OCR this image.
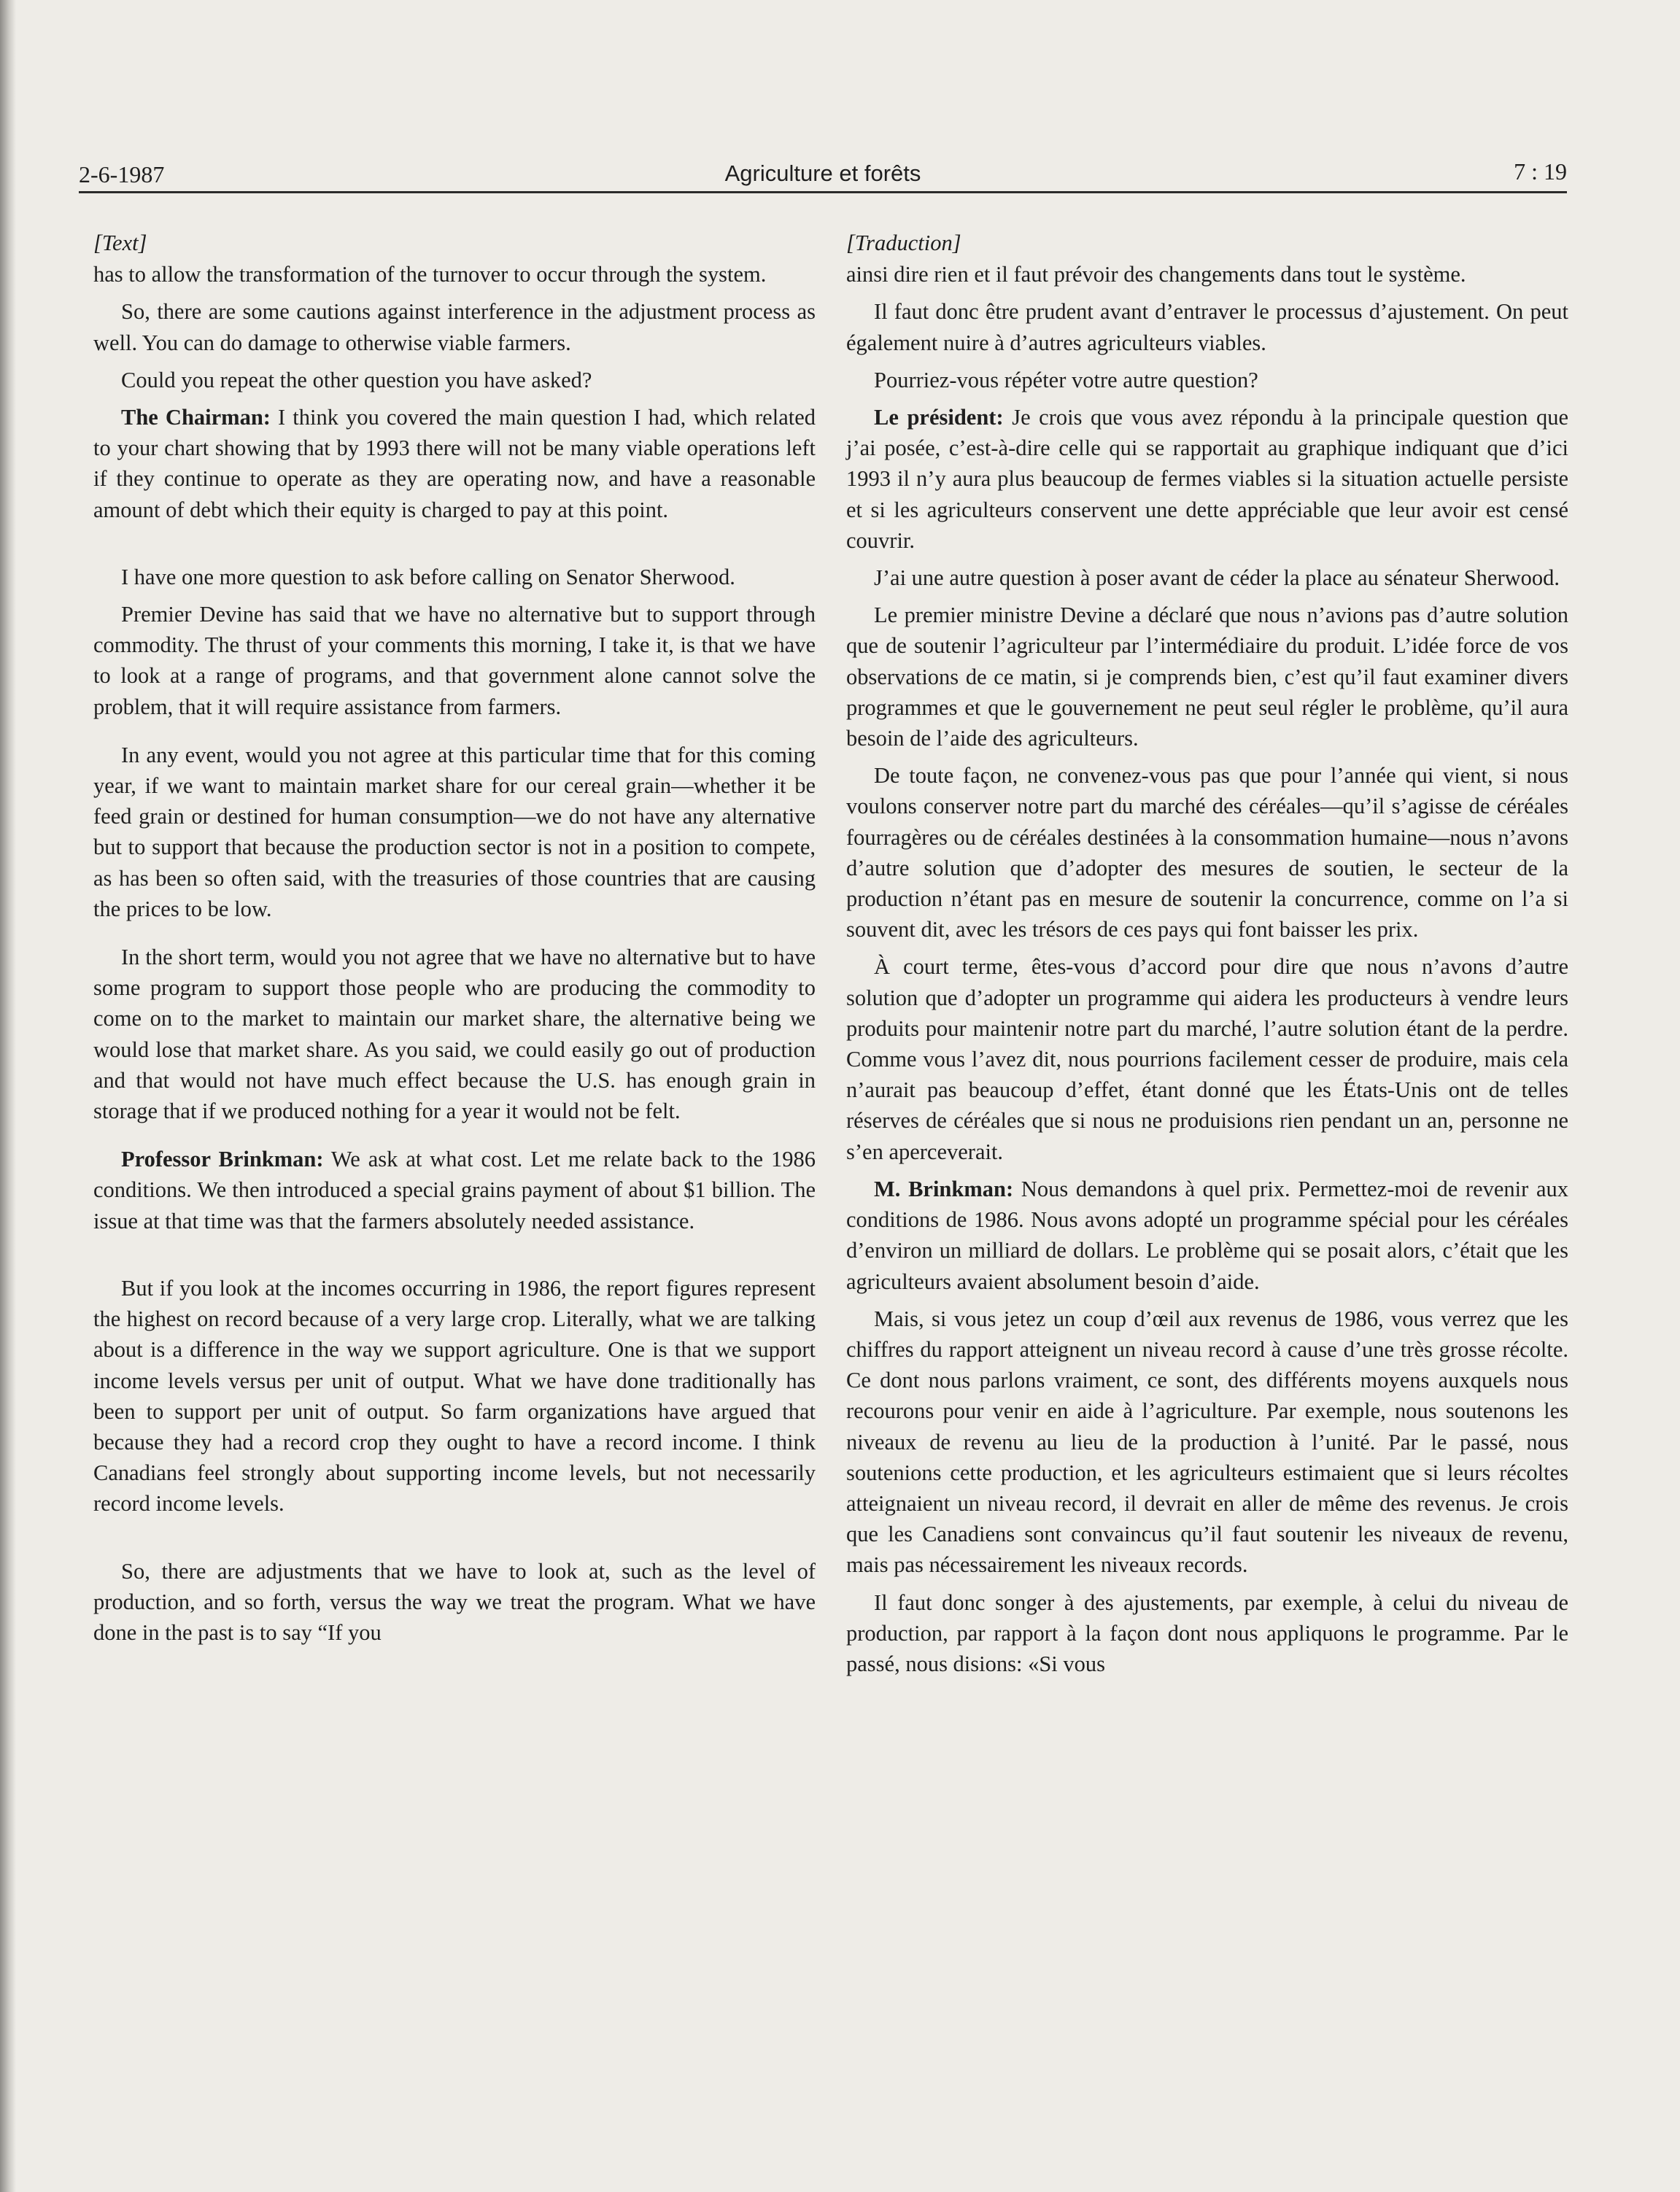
2-6-1987	Agriculture et forêts	7 : 19
[Text]

has to allow the transformation of the turnover to occur through the system.

So, there are some cautions against interference in the adjustment process as well. You can do damage to otherwise viable farmers.

Could you repeat the other question you have asked?

The Chairman: I think you covered the main question I had, which related to your chart showing that by 1993 there will not be many viable operations left if they continue to operate as they are operating now, and have a reasonable amount of debt which their equity is charged to pay at this point.

I have one more question to ask before calling on Senator Sherwood.

Premier Devine has said that we have no alternative but to support through commodity. The thrust of your comments this morning, I take it, is that we have to look at a range of programs, and that government alone cannot solve the problem, that it will require assistance from farmers.

In any event, would you not agree at this particular time that for this coming year, if we want to maintain market share for our cereal grain—whether it be feed grain or destined for human consumption—we do not have any alternative but to support that because the production sector is not in a position to compete, as has been so often said, with the treasuries of those countries that are causing the prices to be low.

In the short term, would you not agree that we have no alternative but to have some program to support those people who are producing the commodity to come on to the market to maintain our market share, the alternative being we would lose that market share. As you said, we could easily go out of production and that would not have much effect because the U.S. has enough grain in storage that if we produced nothing for a year it would not be felt.

Professor Brinkman: We ask at what cost. Let me relate back to the 1986 conditions. We then introduced a special grains payment of about $1 billion. The issue at that time was that the farmers absolutely needed assistance.

But if you look at the incomes occurring in 1986, the report figures represent the highest on record because of a very large crop. Literally, what we are talking about is a difference in the way we support agriculture. One is that we support income levels versus per unit of output. What we have done traditionally has been to support per unit of output. So farm organizations have argued that because they had a record crop they ought to have a record income. I think Canadians feel strongly about supporting income levels, but not necessarily record income levels.

So, there are adjustments that we have to look at, such as the level of production, and so forth, versus the way we treat the program. What we have done in the past is to say “If you

[Traduction]

ainsi dire rien et il faut prévoir des changements dans tout le système.

Il faut donc être prudent avant d’entraver le processus d’ajustement. On peut également nuire à d’autres agriculteurs viables.

Pourriez-vous répéter votre autre question?

Le président: Je crois que vous avez répondu à la principale question que j’ai posée, c’est-à-dire celle qui se rapportait au graphique indiquant que d’ici 1993 il n’y aura plus beaucoup de fermes viables si la situation actuelle persiste et si les agriculteurs conservent une dette appréciable que leur avoir est censé couvrir.

J’ai une autre question à poser avant de céder la place au sénateur Sherwood.

Le premier ministre Devine a déclaré que nous n’avions pas d’autre solution que de soutenir l’agriculteur par l’intermédiaire du produit. L’idée force de vos observations de ce matin, si je comprends bien, c’est qu’il faut examiner divers programmes et que le gouvernement ne peut seul régler le problème, qu’il aura besoin de l’aide des agriculteurs.

De toute façon, ne convenez-vous pas que pour l’année qui vient, si nous voulons conserver notre part du marché des céréales—qu’il s’agisse de céréales fourragères ou de céréales destinées à la consommation humaine—nous n’avons d’autre solution que d’adopter des mesures de soutien, le secteur de la production n’étant pas en mesure de soutenir la concurrence, comme on l’a si souvent dit, avec les trésors de ces pays qui font baisser les prix.

À court terme, êtes-vous d’accord pour dire que nous n’avons d’autre solution que d’adopter un programme qui aidera les producteurs à vendre leurs produits pour maintenir notre part du marché, l’autre solution étant de la perdre. Comme vous l’avez dit, nous pourrions facilement cesser de produire, mais cela n’aurait pas beaucoup d’effet, étant donné que les États-Unis ont de telles réserves de céréales que si nous ne produisions rien pendant un an, personne ne s’en aperceverait.

M. Brinkman: Nous demandons à quel prix. Permettez-moi de revenir aux conditions de 1986. Nous avons adopté un programme spécial pour les céréales d’environ un milliard de dollars. Le problème qui se posait alors, c’était que les agriculteurs avaient absolument besoin d’aide.

Mais, si vous jetez un coup d’œil aux revenus de 1986, vous verrez que les chiffres du rapport atteignent un niveau record à cause d’une très grosse récolte. Ce dont nous parlons vraiment, ce sont, des différents moyens auxquels nous recourons pour venir en aide à l’agriculture. Par exemple, nous soutenons les niveaux de revenu au lieu de la production à l’unité. Par le passé, nous soutenions cette production, et les agriculteurs estimaient que si leurs récoltes atteignaient un niveau record, il devrait en aller de même des revenus. Je crois que les Canadiens sont convaincus qu’il faut soutenir les niveaux de revenu, mais pas nécessairement les niveaux records.

Il faut donc songer à des ajustements, par exemple, à celui du niveau de production, par rapport à la façon dont nous appliquons le programme. Par le passé, nous disions: «Si vous
